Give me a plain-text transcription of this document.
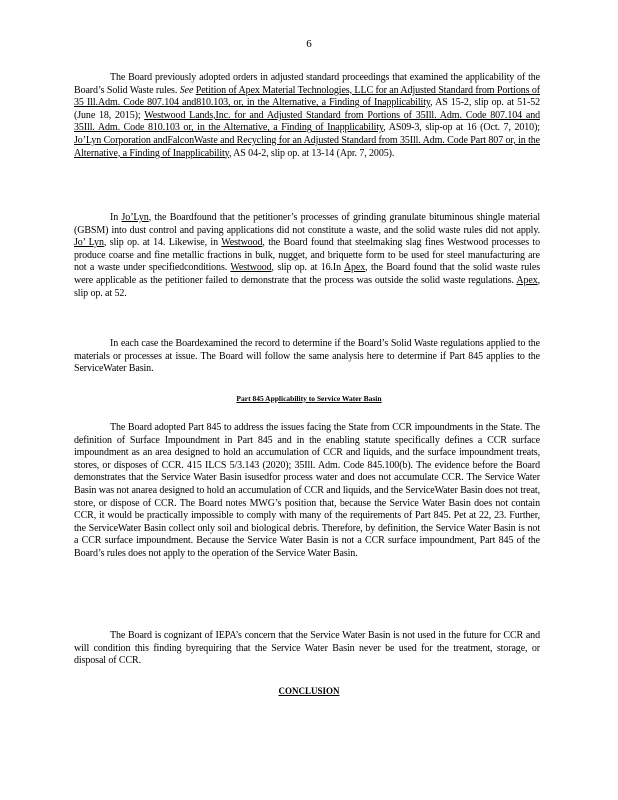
6
The Board previously adopted orders in adjusted standard proceedings that examined the applicability of the Board’s Solid Waste rules. See Petition of Apex Material Technologies, LLC for an Adjusted Standard from Portions of 35 Ill.Adm. Code 807.104 and810.103, or, in the Alternative, a Finding of Inapplicability, AS 15-2, slip op. at 51-52 (June 18, 2015); Westwood Lands,Inc. for and Adjusted Standard from Portions of 35Ill. Adm. Code 807.104 and 35Ill. Adm. Code 810.103 or, in the Alternative, a Finding of Inapplicability, AS09-3, slip-op at 16 (Oct. 7, 2010); Jo’Lyn Corporation andFalconWaste and Recycling for an Adjusted Standard from 35Ill. Adm. Code Part 807 or, in the Alternative, a Finding of Inapplicability, AS 04-2, slip op. at 13-14 (Apr. 7, 2005).
In Jo’Lyn, the Boardfound that the petitioner’s processes of grinding granulate bituminous shingle material (GBSM) into dust control and paving applications did not constitute a waste, and the solid waste rules did not apply. Jo’ Lyn, slip op. at 14. Likewise, in Westwood, the Board found that steelmaking slag fines Westwood processes to produce coarse and fine metallic fractions in bulk, nugget, and briquette form to be used for steel manufacturing are not a waste under specifiedconditions. Westwood, slip op. at 16.In Apex, the Board found that the solid waste rules were applicable as the petitioner failed to demonstrate that the process was outside the solid waste regulations. Apex, slip op. at 52.
In each case the Boardexamined the record to determine if the Board’s Solid Waste regulations applied to the materials or processes at issue. The Board will follow the same analysis here to determine if Part 845 applies to the ServiceWater Basin.
Part 845 Applicability to Service Water Basin
The Board adopted Part 845 to address the issues facing the State from CCR impoundments in the State. The definition of Surface Impoundment in Part 845 and in the enabling statute specifically defines a CCR surface impoundment as an area designed to hold an accumulation of CCR and liquids, and the surface impoundment treats, stores, or disposes of CCR. 415 ILCS 5/3.143 (2020); 35Ill. Adm. Code 845.100(b). The evidence before the Board demonstrates that the Service Water Basin isusedfor process water and does not accumulate CCR. The Service Water Basin was not anarea designed to hold an accumulation of CCR and liquids, and the ServiceWater Basin does not treat, store, or dispose of CCR. The Board notes MWG’s position that, because the Service Water Basin does not contain CCR, it would be practically impossible to comply with many of the requirements of Part 845. Pet at 22, 23. Further, the ServiceWater Basin collect only soil and biological debris. Therefore, by definition, the Service Water Basin is not a CCR surface impoundment. Because the Service Water Basin is not a CCR surface impoundment, Part 845 of the Board’s rules does not apply to the operation of the Service Water Basin.
The Board is cognizant of IEPA’s concern that the Service Water Basin is not used in the future for CCR and will condition this finding byrequiring that the Service Water Basin never be used for the treatment, storage, or disposal of CCR.
CONCLUSION
